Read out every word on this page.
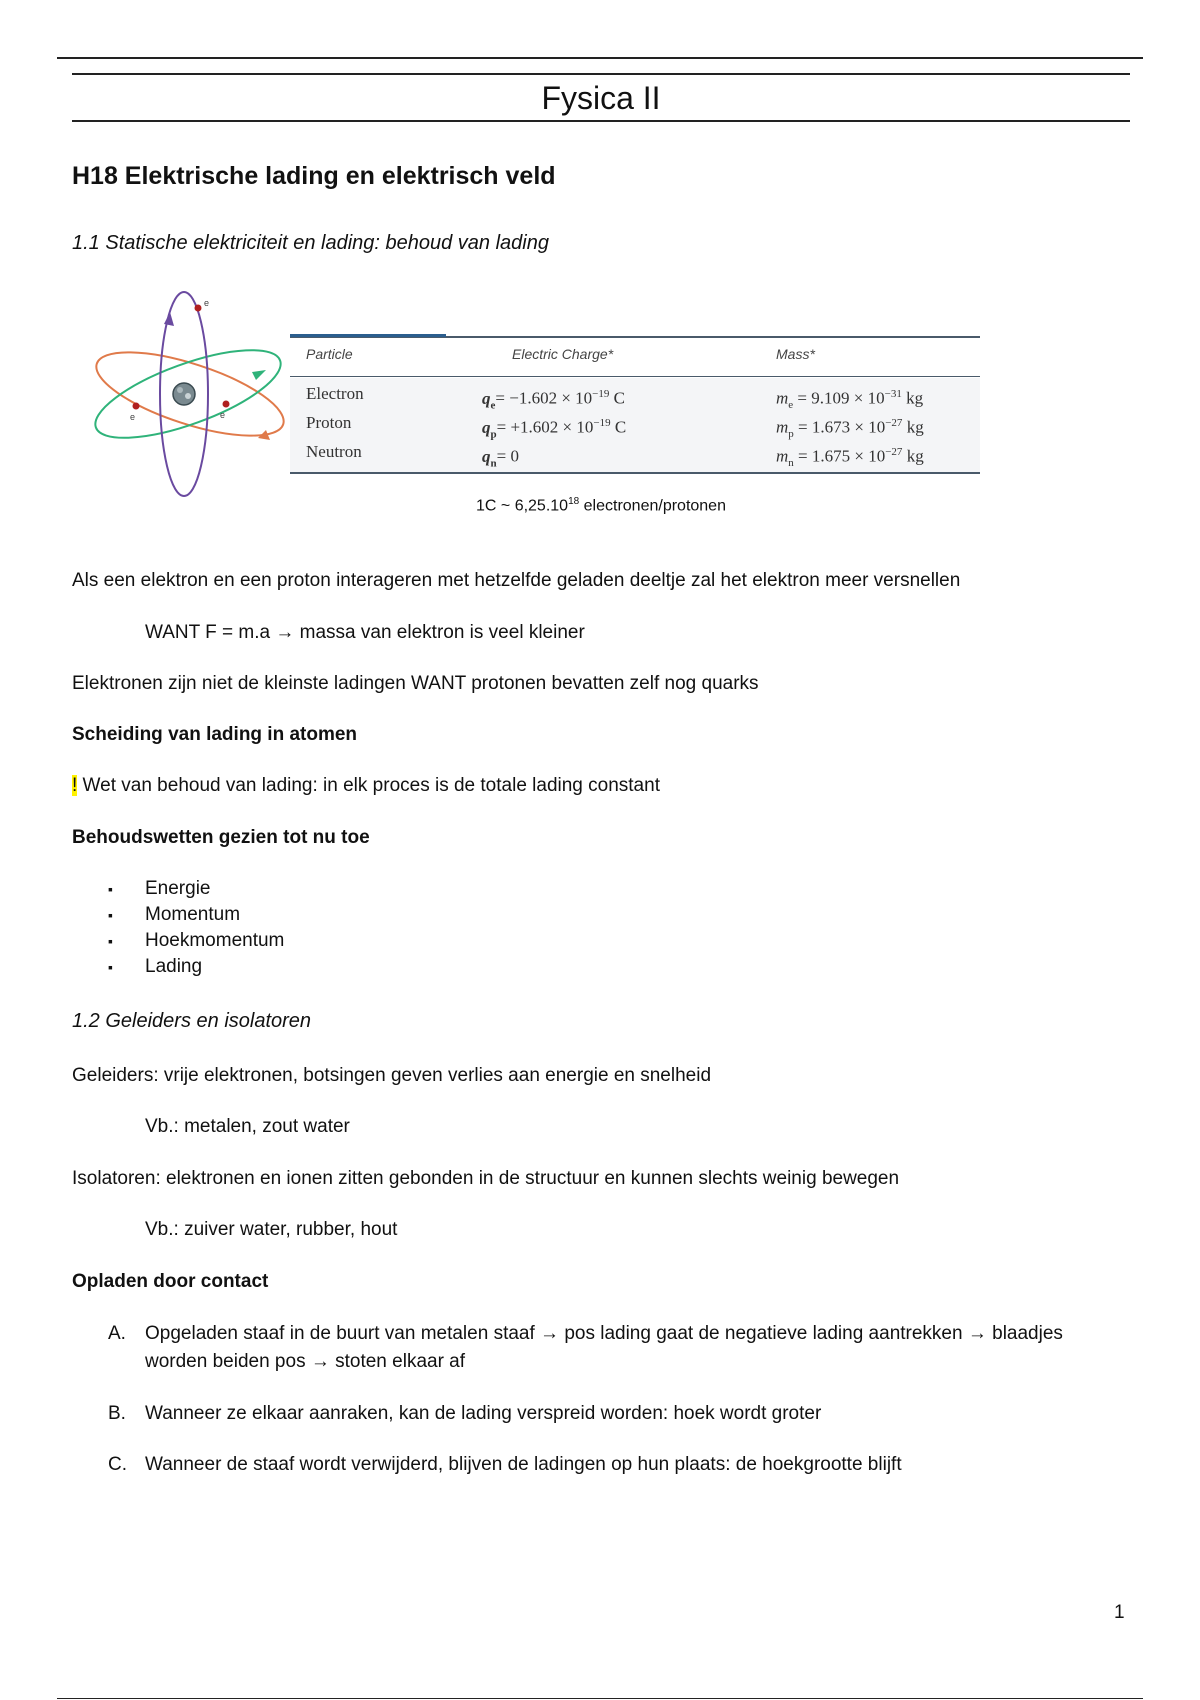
Fysica II
H18 Elektrische lading en elektrisch veld
1.1 Statische elektriciteit en lading: behoud van lading
e
e	e
Particle	Electric Charge*	Mass*
Electron	$q_e= -1.602 \times 10^{-19}$ C	$m_e = 9.109 \times 10^{-31}$ kg
Proton	$q_p= +1.602 \times 10^{-19}$ C	$m_p = 1.673 \times 10^{-27}$ kg
Neutron	$q_n= 0$	$m_n = 1.675 \times 10^{-27}$ kg
1C ~ 6,25.10$^{18}$ electronen/protonen
Als een elektron en een proton interageren met hetzelfde geladen deeltje zal het elektron meer versnellen
WANT F = m.a → massa van elektron is veel kleiner
Elektronen zijn niet de kleinste ladingen WANT protonen bevatten zelf nog quarks
Scheiding van lading in atomen
! Wet van behoud van lading: in elk proces is de totale lading constant
Behoudswetten gezien tot nu toe
▪ Energie
▪ Momentum
▪ Hoekmomentum
▪ Lading
1.2 Geleiders en isolatoren
Geleiders: vrije elektronen, botsingen geven verlies aan energie en snelheid
Vb.: metalen, zout water
Isolatoren: elektronen en ionen zitten gebonden in de structuur en kunnen slechts weinig bewegen
Vb.: zuiver water, rubber, hout
Opladen door contact
A. Opgeladen staaf in de buurt van metalen staaf → pos lading gaat de negatieve lading aantrekken → blaadjes worden beiden pos → stoten elkaar af
B. Wanneer ze elkaar aanraken, kan de lading verspreid worden: hoek wordt groter
C. Wanneer de staaf wordt verwijderd, blijven de ladingen op hun plaats: de hoekgrootte blijft
1
